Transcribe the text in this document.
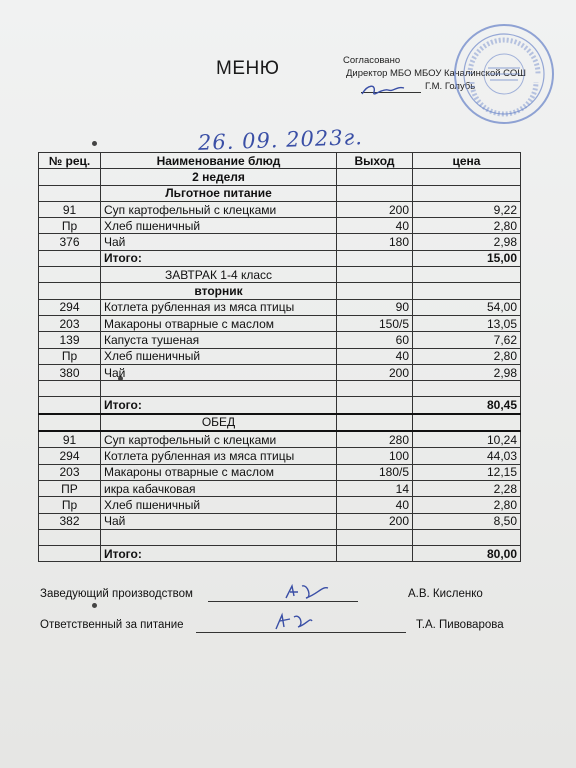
МЕНЮ	Согласовано
Директор МБО МБОУ Качалинской СОШ
Г.М. Голубь
26. 09. 2023г.
№ рец.	Наименование блюд	Выход	цена
	2 неделя		
	Льготное питание		
91	Суп картофельный с клецками	200	9,22
Пр	Хлеб пшеничный	40	2,80
376	Чай	180	2,98
	Итого:		15,00
	ЗАВТРАК 1-4 класс		
	вторник		
294	Котлета рубленная из мяса птицы	90	54,00
203	Макароны отварные с маслом	150/5	13,05
139	Капуста тушеная	60	7,62
Пр	Хлеб пшеничный	40	2,80
380	Чай	200	2,98

	Итого:		80,45
	ОБЕД		
91	Суп картофельный с клецками	280	10,24
294	Котлета рубленная из мяса птицы	100	44,03
203	Макароны отварные с маслом	180/5	12,15
ПР	икра кабачковая	14	2,28
Пр	Хлеб пшеничный	40	2,80
382	Чай	200	8,50

	Итого:		80,00
Заведующий производством	А.В. Кисленко
Ответственный за питание	Т.А. Пивоварова
